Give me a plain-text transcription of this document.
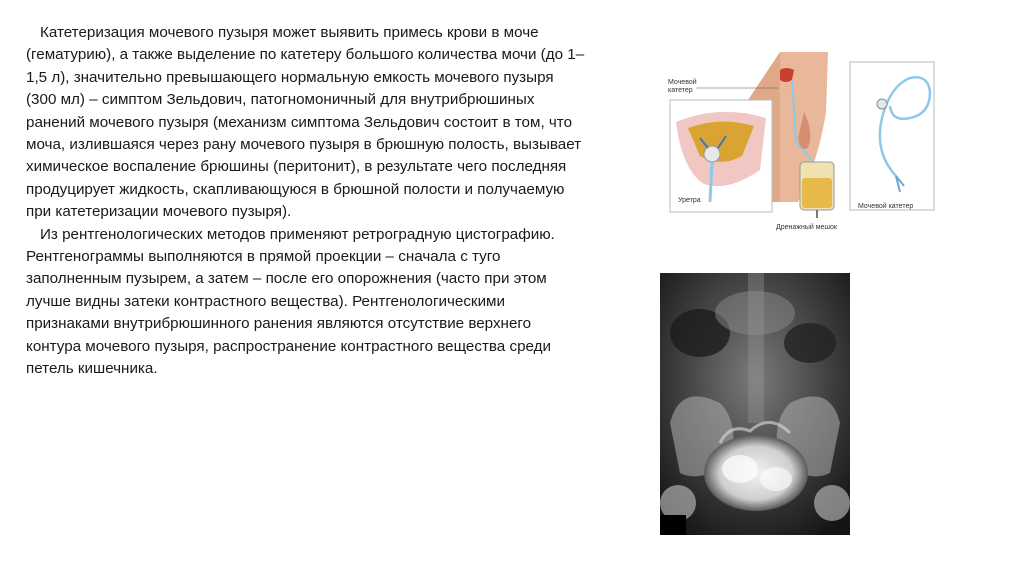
Катетеризация мочевого пузыря может выявить примесь крови в моче (гематурию), а также выделение по катетеру большого количества мочи (до 1–1,5 л), значительно превышающего нормальную емкость мочевого пузыря (300 мл) – симптом Зельдович, патогномоничный для внутрибрюшиных ранений мочевого пузыря (механизм симптома Зельдович состоит в том, что моча, излившаяся через рану мочевого пузыря в брюшную полость, вызывает химическое воспаление брюшины (перитонит), в результате чего последняя продуцирует жидкость, скапливающуюся в брюшной полости и получаемую при катетеризации мочевого пузыря).

Из рентгенологических методов применяют ретроградную цистографию. Рентгенограммы выполняются в прямой проекции – сначала с туго заполненным пузырем, а затем – после его опорожнения (часто при этом лучше видны затеки контрастного вещества). Рентгенологическими признаками внутрибрюшинного ранения являются отсутствие верхнего контура мочевого пузыря, распространение контрастного вещества среди петель кишечника.

Мочевой
катетер
Уретра
Дренажный мешок
Мочевой катетер
